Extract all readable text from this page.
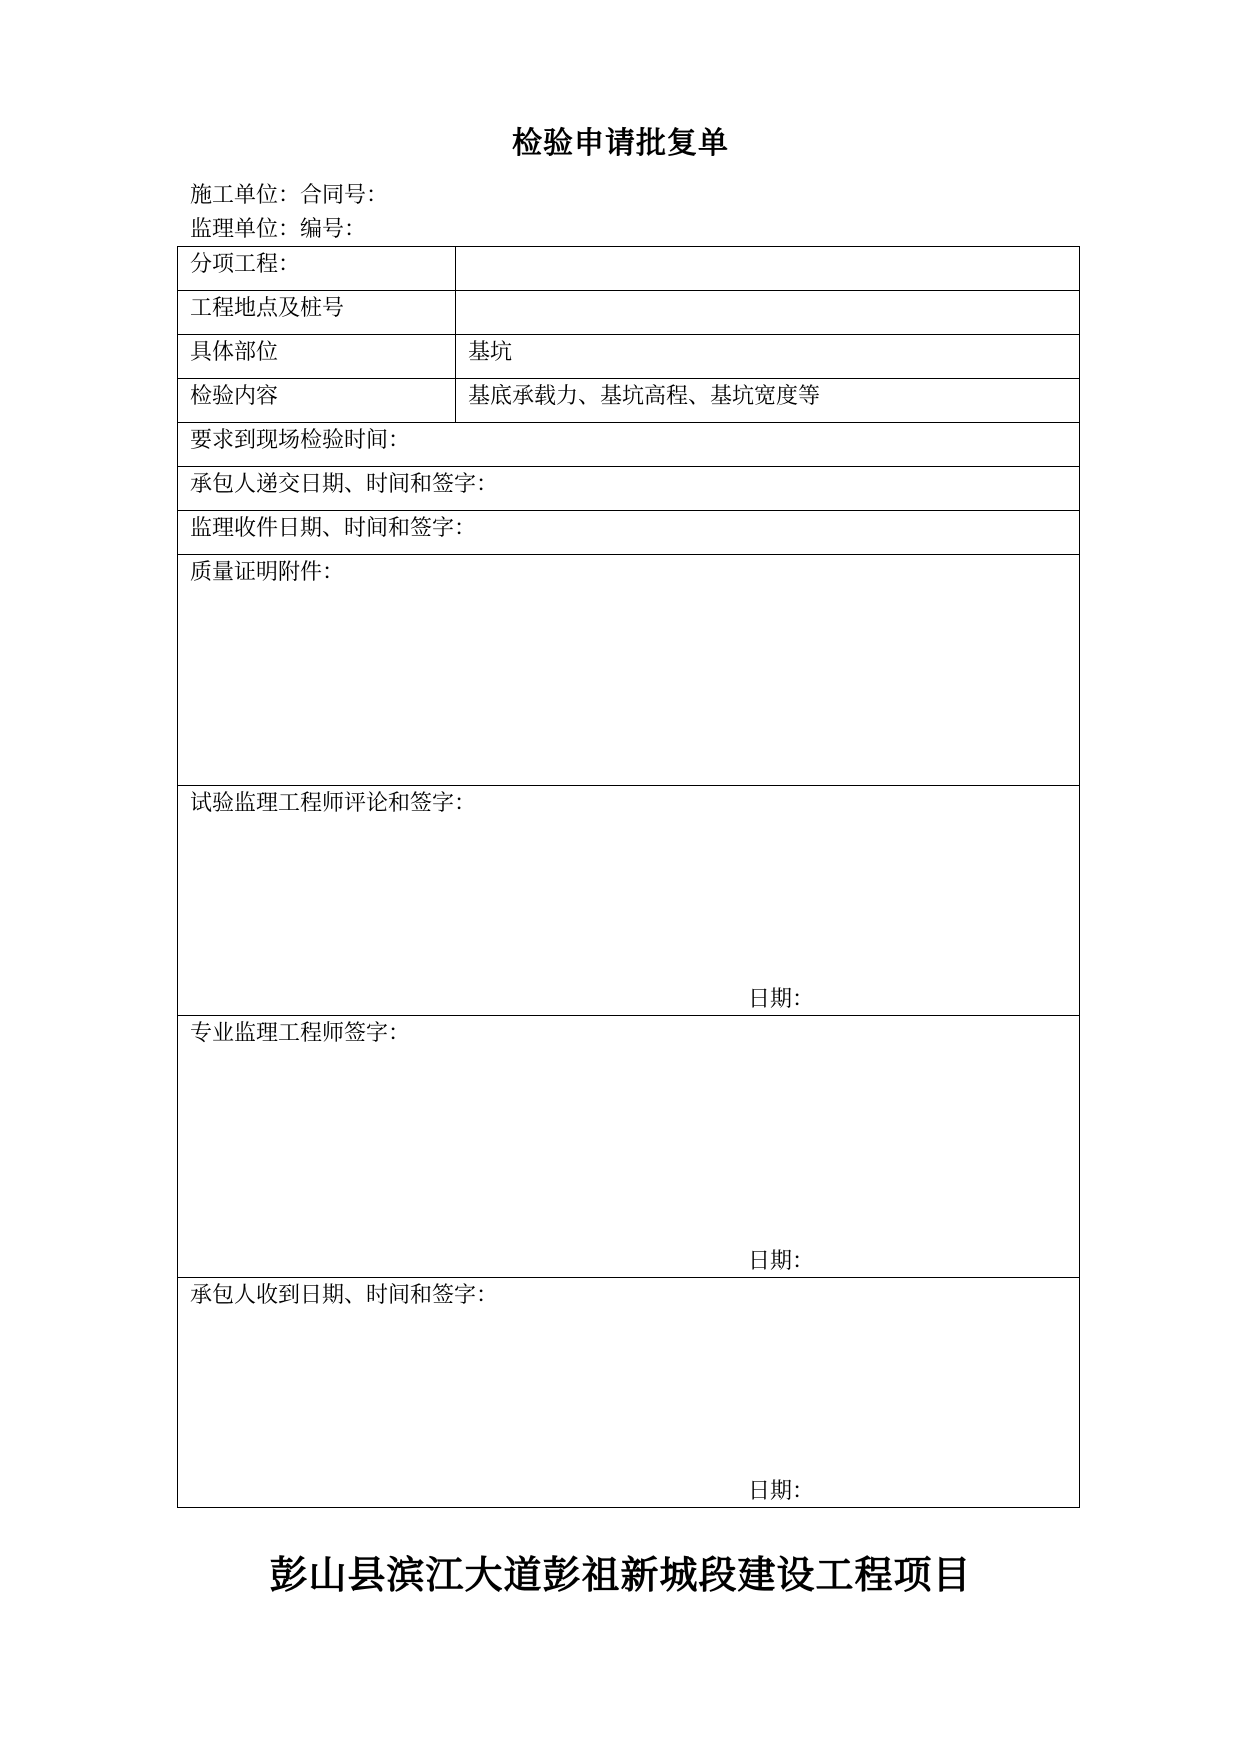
检验申请批复单
施工单位：合同号：
监理单位：编号：
分项工程：	

工程地点及桩号	

具体部位	基坑

检验内容	基底承载力、基坑高程、基坑宽度等

要求到现场检验时间：	

承包人递交日期、时间和签字：	

监理收件日期、时间和签字：	

质量证明附件：	

试验监理工程师评论和签字：
日期：	

专业监理工程师签字：
日期：	

承包人收到日期、时间和签字：
日期：	
彭山县滨江大道彭祖新城段建设工程项目
